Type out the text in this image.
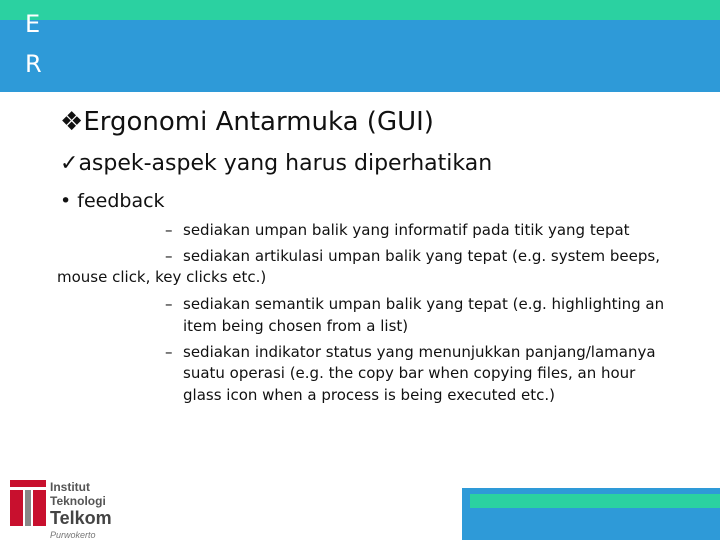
E
R
G
❖Ergonomi Antarmuka (GUI)
✓aspek-aspek yang harus diperhatikan
• feedback
– sediakan umpan balik yang informatif pada titik yang tepat
– sediakan artikulasi umpan balik yang tepat (e.g. system beeps,
mouse click, key clicks etc.)
– sediakan semantik umpan balik yang tepat (e.g. highlighting an
item being chosen from a list)
– sediakan indikator status yang menunjukkan panjang/lamanya
suatu operasi (e.g. the copy bar when copying files, an hour
glass icon when a process is being executed etc.)
Institut
Teknologi
Telkom
Purwokerto
